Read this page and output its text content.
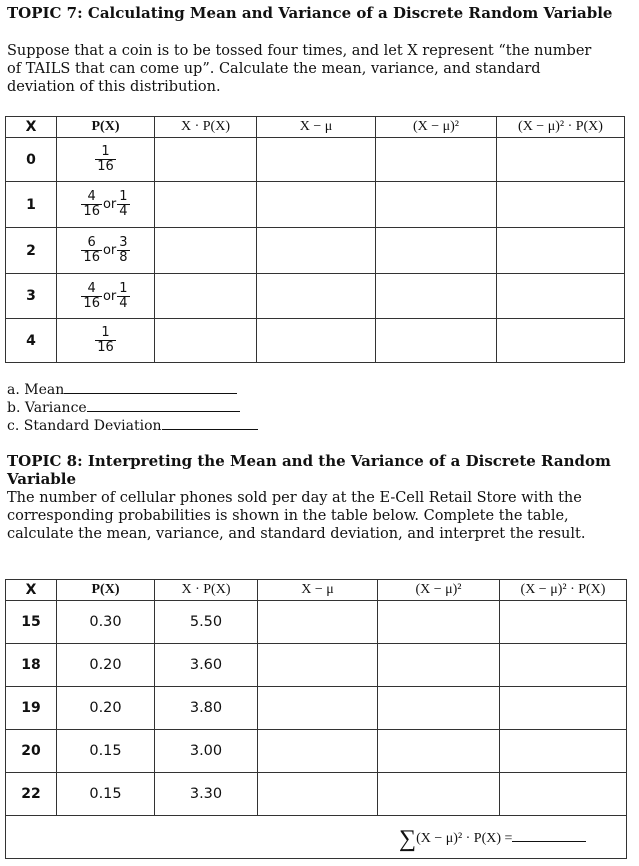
TOPIC 7: Calculating Mean and Variance of a Discrete Random Variable
Suppose that a coin is to be tossed four times, and let X represent “the number of TAILS that can come up”. Calculate the mean, variance, and standard deviation of this distribution.
X	P(X)	X · P(X)	X − μ	(X − μ)²	(X − μ)² · P(X)
0	$\frac{1}{16}$

1	$\frac{4}{16}$ or $\frac{1}{4}$

2	$\frac{6}{16}$ or $\frac{3}{8}$

3	$\frac{4}{16}$ or $\frac{1}{4}$

4	$\frac{1}{16}$

a. Mean
b. Variance
c. Standard Deviation
TOPIC 8: Interpreting the Mean and the Variance of a Discrete Random Variable
The number of cellular phones sold per day at the E-Cell Retail Store with the corresponding probabilities is shown in the table below. Complete the table, calculate the mean, variance, and standard deviation, and interpret the result.
X	P(X)	X · P(X)	X − μ	(X − μ)²	(X − μ)² · P(X)
15	0.30	5.50			
18	0.20	3.60			
19	0.20	3.80			
20	0.15	3.00			
22	0.15	3.30			

∑(X − μ)² · P(X) =					
